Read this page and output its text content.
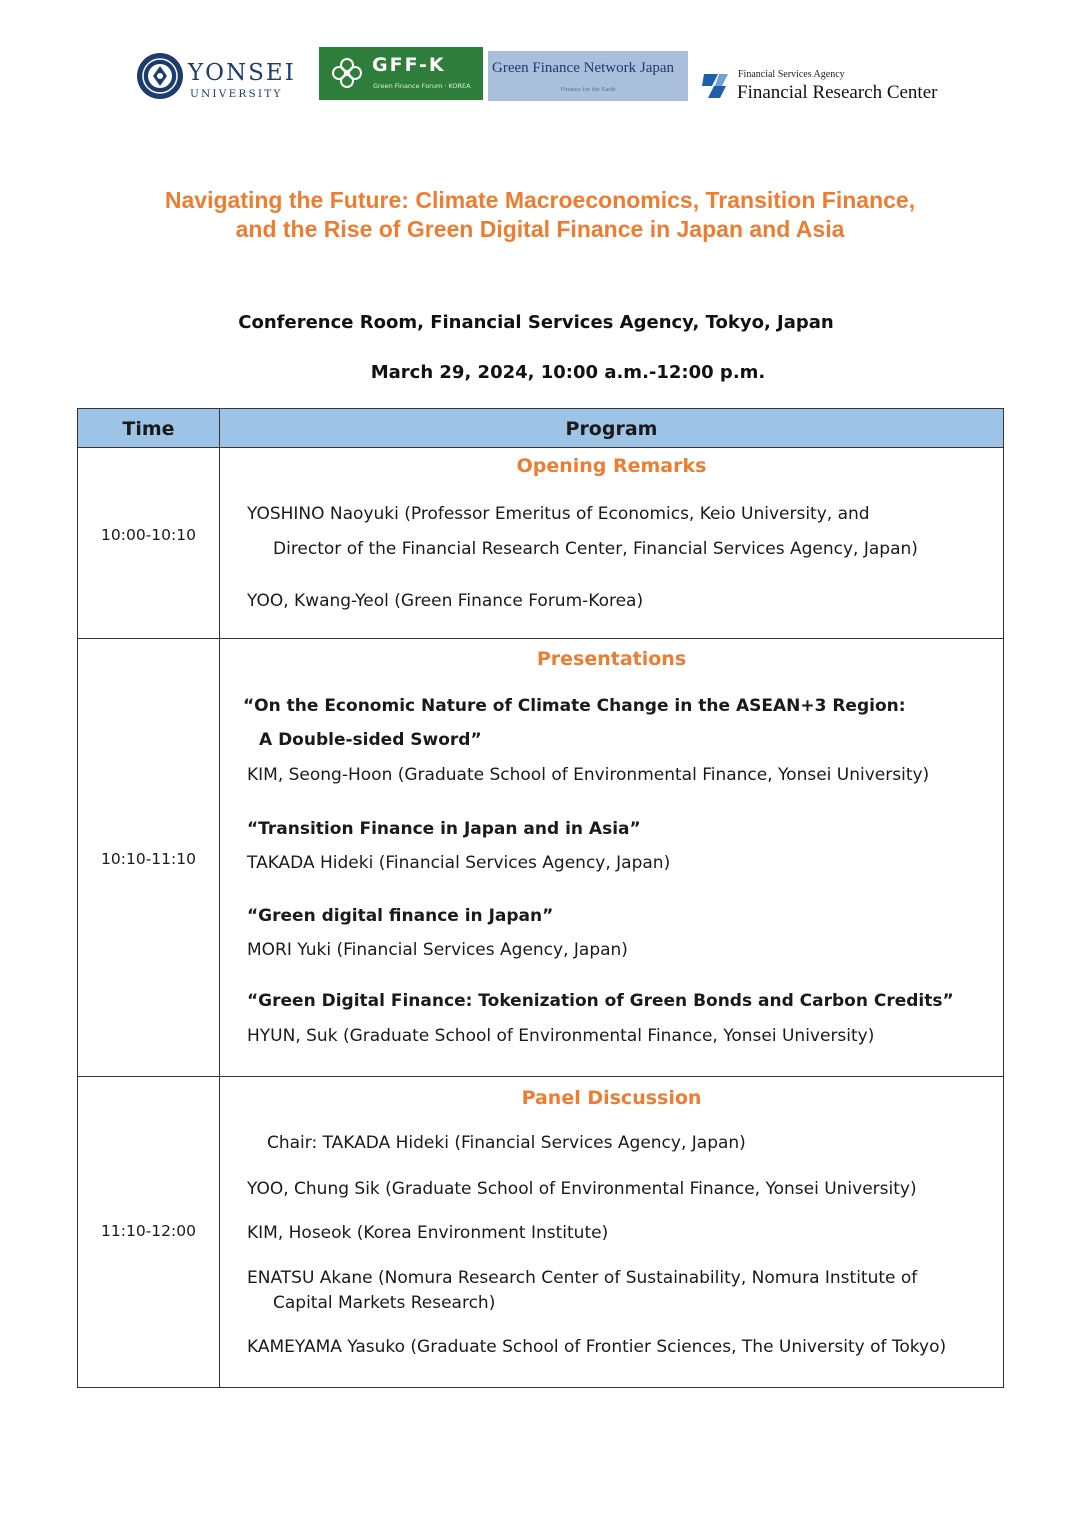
YONSEI
UNIVERSITY
GFF-K
Green Finance Forum · KOREA
Green Finance Network Japan
Finance for the Earth
Financial Services Agency
Financial Research Center
Navigating the Future: Climate Macroeconomics, Transition Finance,
and the Rise of Green Digital Finance in Japan and Asia
Conference Room, Financial Services Agency, Tokyo, Japan
March 29, 2024, 10:00 a.m.-12:00 p.m.
Time	Program
10:00-10:10
Opening Remarks
YOSHINO Naoyuki (Professor Emeritus of Economics, Keio University, and
Director of the Financial Research Center, Financial Services Agency, Japan)
YOO, Kwang-Yeol (Green Finance Forum-Korea)
10:10-11:10
Presentations
“On the Economic Nature of Climate Change in the ASEAN+3 Region:
A Double-sided Sword”
KIM, Seong-Hoon (Graduate School of Environmental Finance, Yonsei University)
“Transition Finance in Japan and in Asia”
TAKADA Hideki (Financial Services Agency, Japan)
“Green digital finance in Japan”
MORI Yuki (Financial Services Agency, Japan)
“Green Digital Finance: Tokenization of Green Bonds and Carbon Credits”
HYUN, Suk (Graduate School of Environmental Finance, Yonsei University)
11:10-12:00
Panel Discussion
Chair: TAKADA Hideki (Financial Services Agency, Japan)
YOO, Chung Sik (Graduate School of Environmental Finance, Yonsei University)
KIM, Hoseok (Korea Environment Institute)
ENATSU Akane (Nomura Research Center of Sustainability, Nomura Institute of
Capital Markets Research)
KAMEYAMA Yasuko (Graduate School of Frontier Sciences, The University of Tokyo)
